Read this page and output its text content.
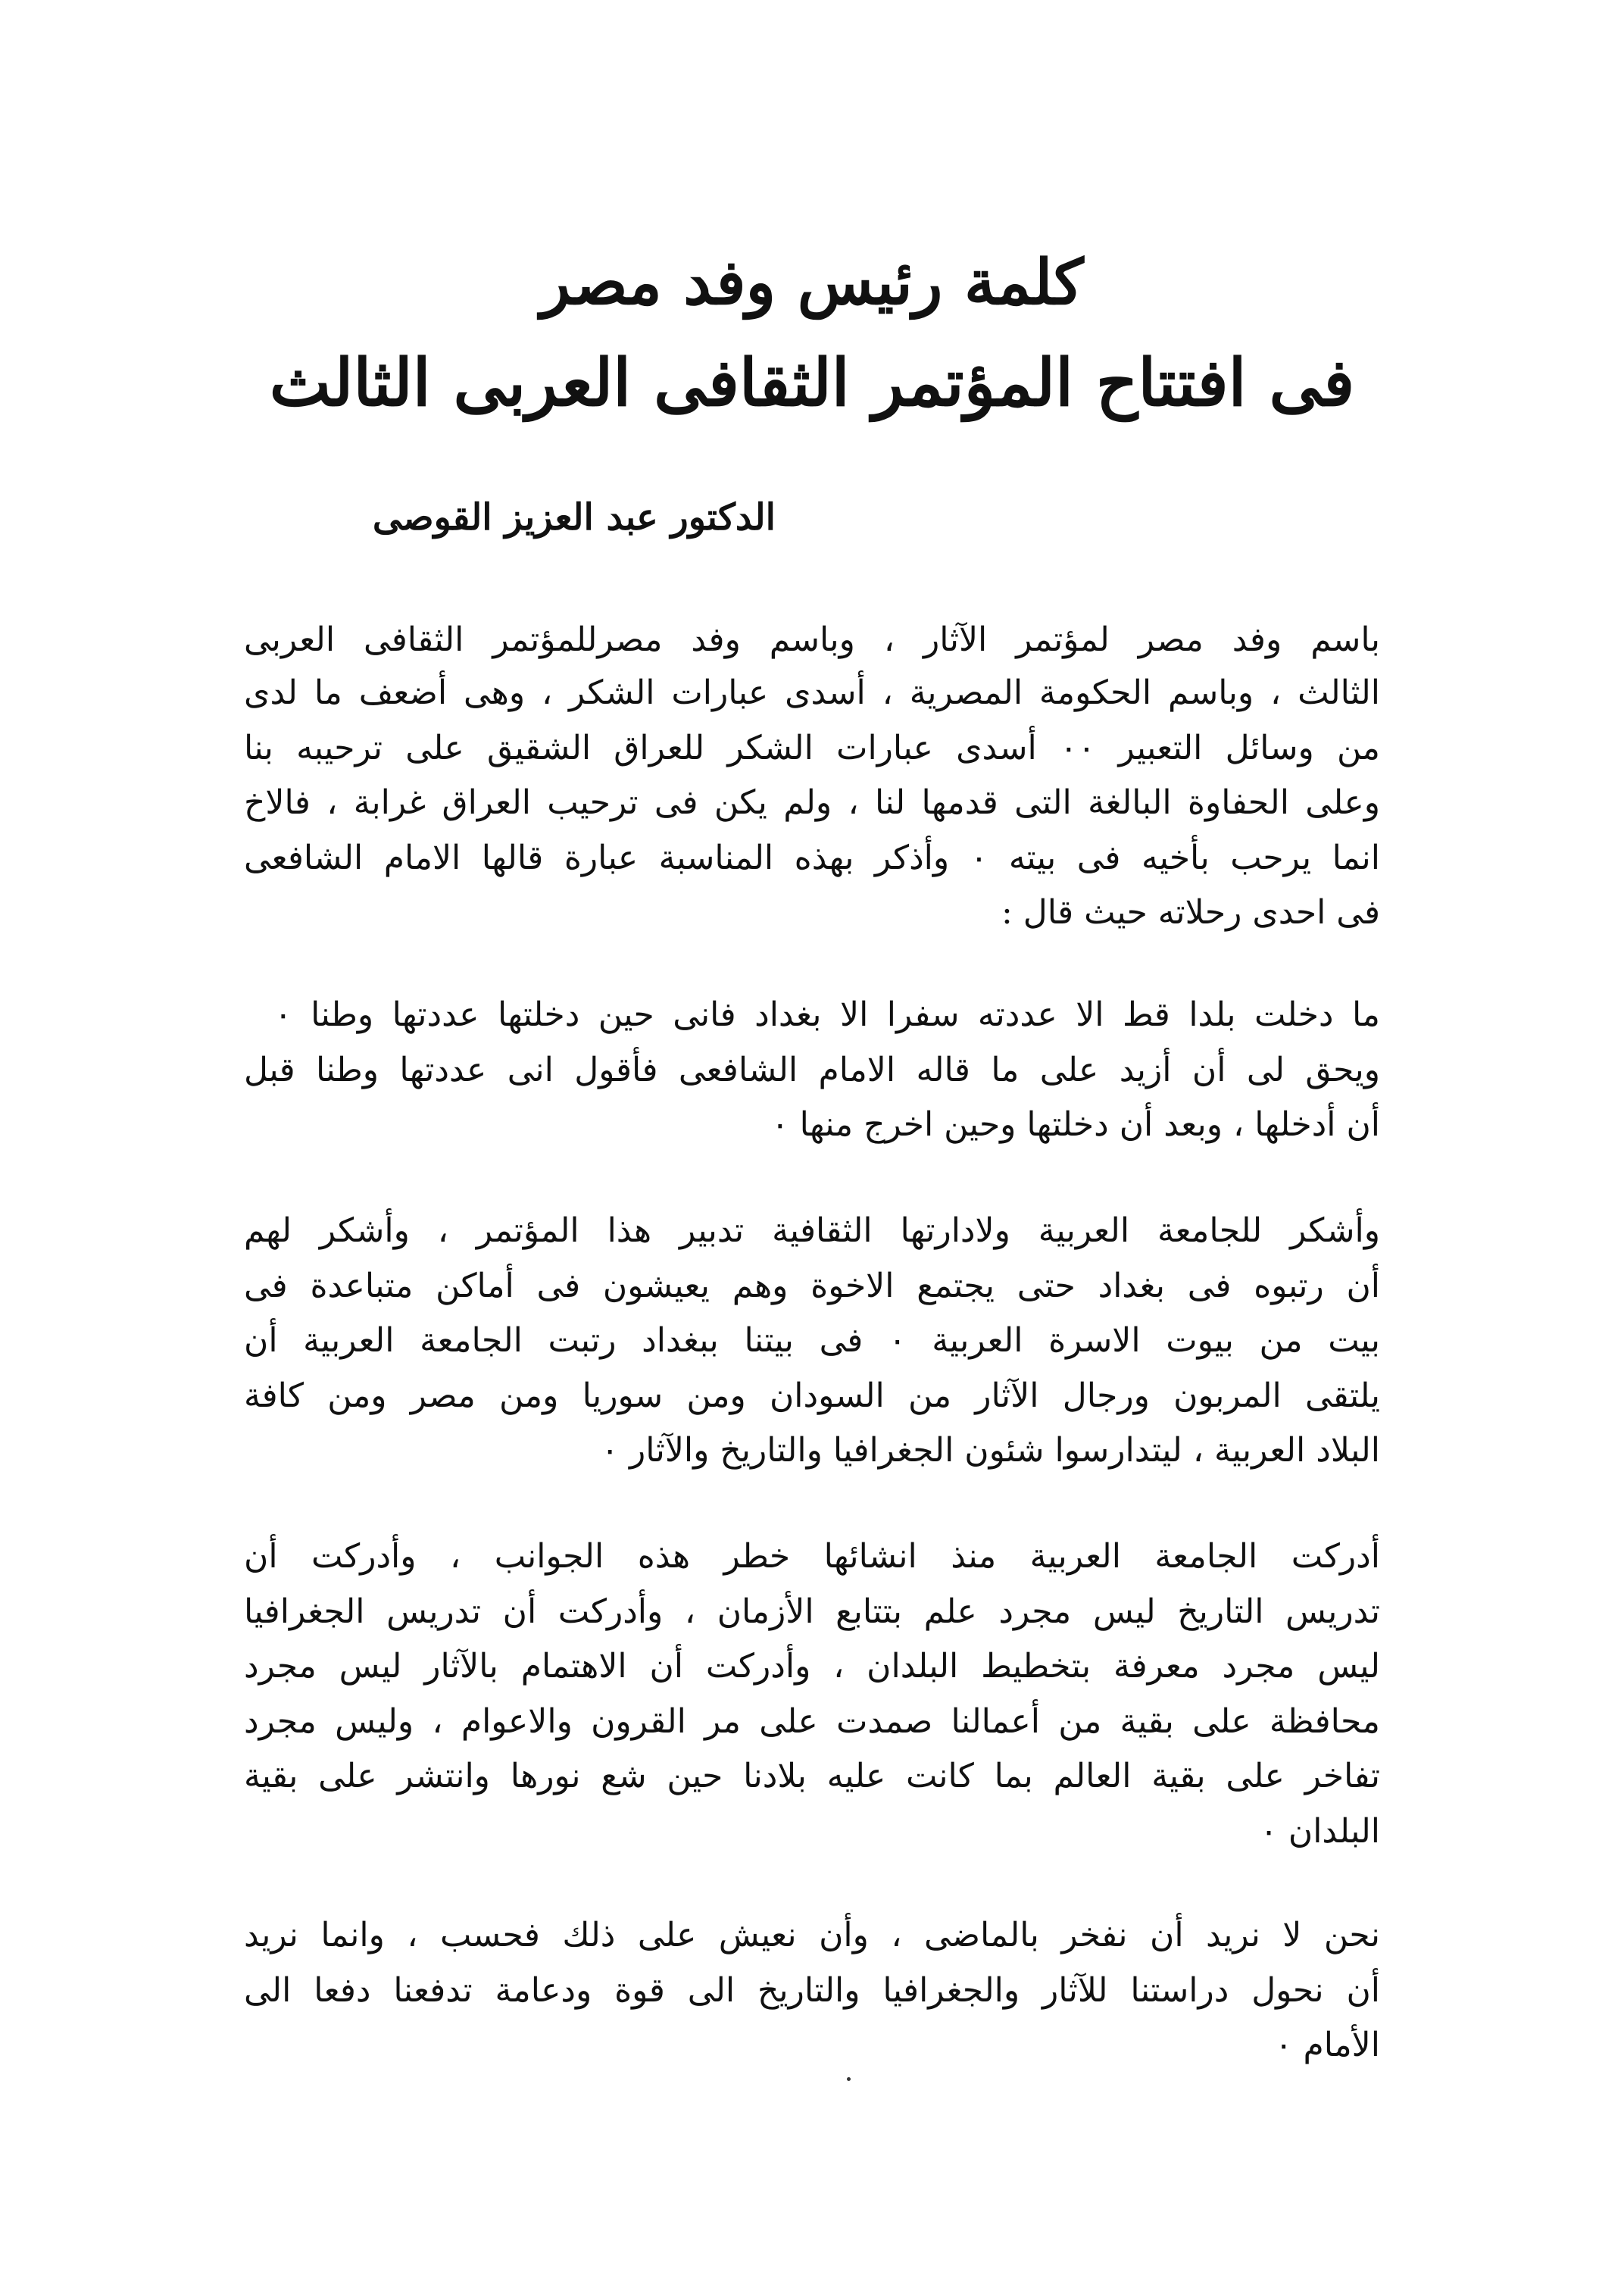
كلمة رئيس وفد مصر
فى افتتاح المؤتمر الثقافى العربى الثالث
الدكتور عبد العزيز القوصى
باسم وفد مصر لمؤتمر الآثار ، وباسم وفد مصرللمؤتمر الثقافى العربى
الثالث ، وباسم الحكومة المصرية ، أسدى عبارات الشكر ، وهى أضعف ما لدى
من وسائل التعبير ٠٠ أسدى عبارات الشكر للعراق الشقيق على ترحيبه بنا
وعلى الحفاوة البالغة التى قدمها لنا ، ولم يكن فى ترحيب العراق غرابة ، فالاخ
انما يرحب بأخيه فى بيته ٠ وأذكر بهذه المناسبة عبارة قالها الامام الشافعى
فى احدى رحلاته حيث قال :
ما دخلت بلدا قط الا عددته سفرا الا بغداد فانى حين دخلتها عددتها وطنا ٠
ويحق لى أن أزيد على ما قاله الامام الشافعى فأقول انى عددتها وطنا قبل
أن أدخلها ، وبعد أن دخلتها وحين اخرج منها ٠
وأشكر للجامعة العربية ولادارتها الثقافية تدبير هذا المؤتمر ، وأشكر لهم
أن رتبوه فى بغداد حتى يجتمع الاخوة وهم يعيشون فى أماكن متباعدة فى
بيت من بيوت الاسرة العربية ٠ فى بيتنا ببغداد رتبت الجامعة العربية أن
يلتقى المربون ورجال الآثار من السودان ومن سوريا ومن مصر ومن كافة
البلاد العربية ، ليتدارسوا شئون الجغرافيا والتاريخ والآثار ٠
أدركت الجامعة العربية منذ انشائها خطر هذه الجوانب ، وأدركت أن
تدريس التاريخ ليس مجرد علم بتتابع الأزمان ، وأدركت أن تدريس الجغرافيا
ليس مجرد معرفة بتخطيط البلدان ، وأدركت أن الاهتمام بالآثار ليس مجرد
محافظة على بقية من أعمالنا صمدت على مر القرون والاعوام ، وليس مجرد
تفاخر على بقية العالم بما كانت عليه بلادنا حين شع نورها وانتشر على بقية
البلدان ٠
نحن لا نريد أن نفخر بالماضى ، وأن نعيش على ذلك فحسب ، وانما نريد
أن نحول دراستنا للآثار والجغرافيا والتاريخ الى قوة ودعامة تدفعنا دفعا الى
الأمام ٠
